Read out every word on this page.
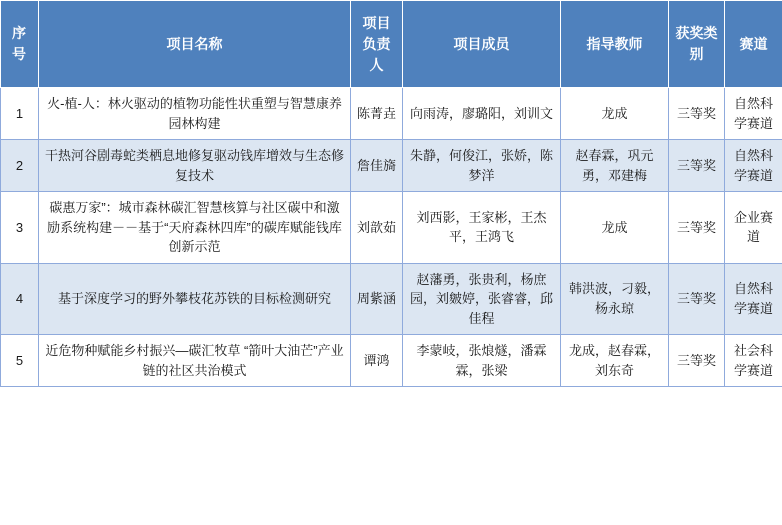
序号	项目名称	项目负责人	项目成员	指导教师	获奖类别	赛道
1	火-植-人：林火驱动的植物功能性状重塑与智慧康养园林构建	陈菁垚	向雨涛，廖璐阳，刘训文	龙成	三等奖	自然科学赛道
2	干热河谷剧毒蛇类栖息地修复驱动钱库增效与生态修复技术	詹佳旖	朱静，何俊江，张娇，陈梦洋	赵春霖，巩元勇，邓建梅	三等奖	自然科学赛道
3	碳惠万家”：城市森林碳汇智慧核算与社区碳中和激励系统构建－－基于“天府森林四库”的碳库赋能钱库创新示范	刘歆茹	刘西影，王家彬，王杰平，王鸿飞	龙成	三等奖	企业赛道
4	基于深度学习的野外攀枝花苏铁的目标检测研究	周紫涵	赵藩勇，张贵利，杨庶园，刘皴婷，张睿睿，邱佳程	韩洪波，刁毅，杨永琼	三等奖	自然科学赛道
5	近危物种赋能乡村振兴—碳汇牧草 “箭叶大油芒”产业链的社区共治模式	谭鸿	李蒙岐，张烺燧，潘霖霖，张梁	龙成，赵春霖，刘东奇	三等奖	社会科学赛道
